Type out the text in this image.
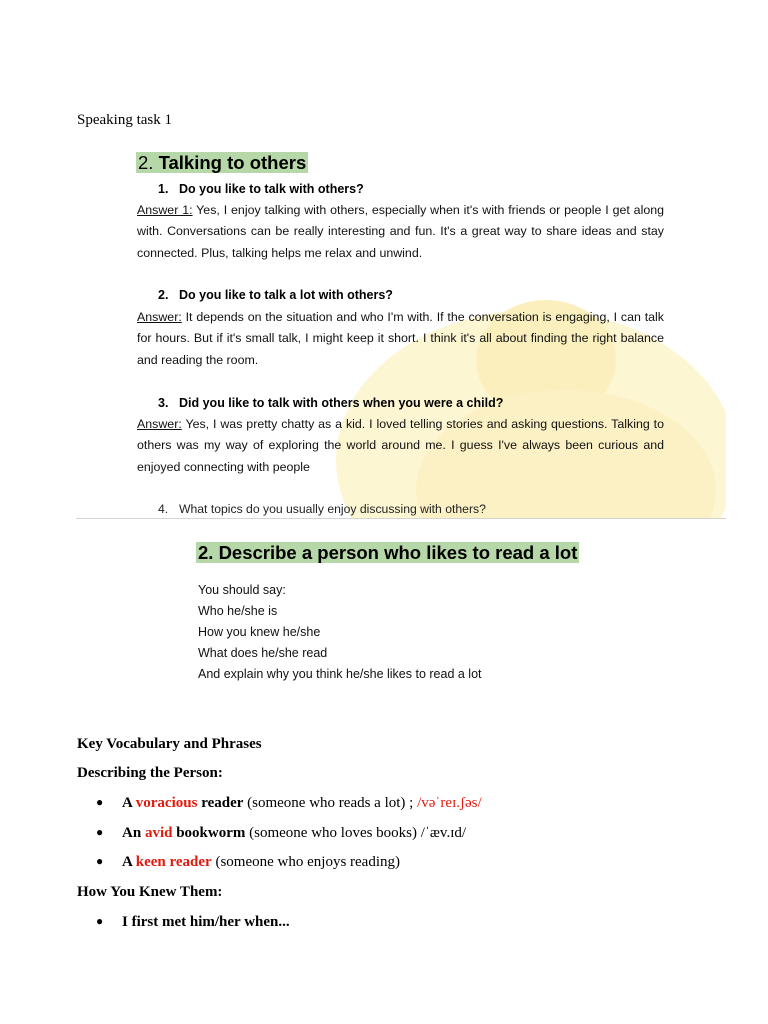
Speaking task 1
2. Talking to others
1. Do you like to talk with others?
Answer 1: Yes, I enjoy talking with others, especially when it's with friends or people I get along with. Conversations can be really interesting and fun. It's a great way to share ideas and stay connected. Plus, talking helps me relax and unwind.
2. Do you like to talk a lot with others?
Answer: It depends on the situation and who I'm with. If the conversation is engaging, I can talk for hours. But if it's small talk, I might keep it short. I think it's all about finding the right balance and reading the room.
3. Did you like to talk with others when you were a child?
Answer: Yes, I was pretty chatty as a kid. I loved telling stories and asking questions. Talking to others was my way of exploring the world around me. I guess I've always been curious and enjoyed connecting with people
4. What topics do you usually enjoy discussing with others?
2. Describe a person who likes to read a lot
You should say:
Who he/she is
How you knew he/she
What does he/she read
And explain why you think he/she likes to read a lot
Key Vocabulary and Phrases
Describing the Person:
● A voracious reader (someone who reads a lot) ; /vəˈreɪ.ʃəs/
● An avid bookworm (someone who loves books) /ˈæv.ɪd/
● A keen reader (someone who enjoys reading)
How You Knew Them:
● I first met him/her when...
